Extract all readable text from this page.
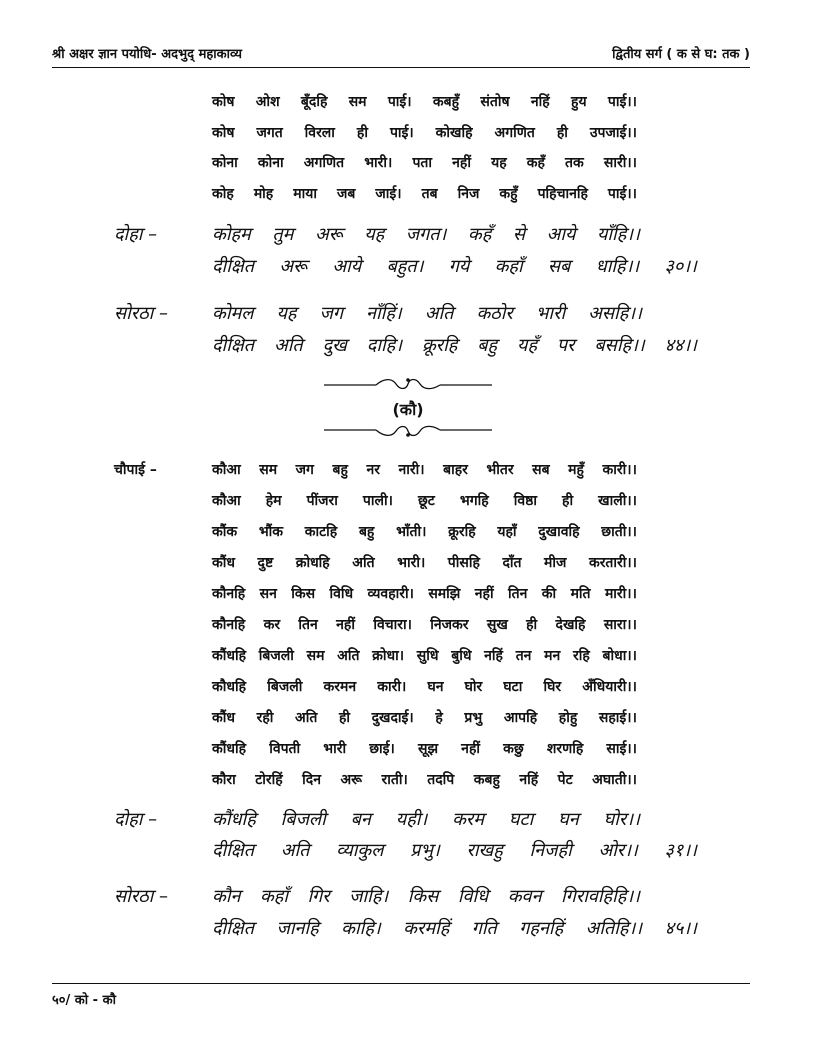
श्री अक्षर ज्ञान पयोधि- अदभुद् महाकाव्य	द्वितीय सर्ग ( क से घ: तक )
कोष ओश बूँदहि सम पाई। कबहुँ संतोष नहिं हुय पाई।।
कोष जगत विरला ही पाई। कोखहि अगणित ही उपजाई।।
कोना कोना अगणित भारी। पता नहीं यह कहँ तक सारी।।
कोह मोह माया जब जाई। तब निज कहुँ पहिचानहि पाई।।
दोहा –	कोहम तुम अरू यह जगत। कहँ से आये याँहि।।
दीक्षित अरू आये बहुत। गये कहाँ सब धाहि।। ३०।।
सोरठा – कोमल यह जग नाँहिं। अति कठोर भारी असहि।।
दीक्षित अति दुख दाहि। क्रूरहि बहु यहँ पर बसहि।। ४४।।
(कौ)
चौपाई –	कौआ सम जग बहु नर नारी। बाहर भीतर सब महुँ कारी।।
कौआ हेम पींजरा पाली। छूट भगहि विष्ठा ही खाली।।
कौंक भौंक काटहि बहु भाँती। क्रूरहि यहाँ दुखावहि छाती।।
कौंध दुष्ट क्रोधहि अति भारी। पीसहि दाँत मीज करतारी।।
कौनहि सन किस विधि व्यवहारी। समझि नहीं तिन की मति मारी।।
कौनहि कर तिन नहीं विचारा। निजकर सुख ही देखहि सारा।।
कौंधहि बिजली सम अति क्रोधा। सुधि बुधि नहिं तन मन रहि बोधा।।
कौधहि बिजली करमन कारी। घन घोर घटा घिर अँधियारी।।
कौंध रही अति ही दुखदाई। हे प्रभु आपहि होहु सहाई।।
कौंधहि विपती भारी छाई। सूझ नहीं कछु शरणहि साई।।
कौरा टोरहिं दिन अरू राती। तदपि कबहु नहिं पेट अघाती।।
दोहा –	कौंधहि बिजली बन यही। करम घटा घन घोर।।
दीक्षित अति व्याकुल प्रभु। राखहु निजही ओर।। ३१।।
सोरठा – कौन कहाँ गिर जाहि। किस विधि कवन गिरावहिहि।।
दीक्षित जानहि काहि। करमहिं गति गहनहिं अतिहि।। ४५।।
५०/ को - कौ
